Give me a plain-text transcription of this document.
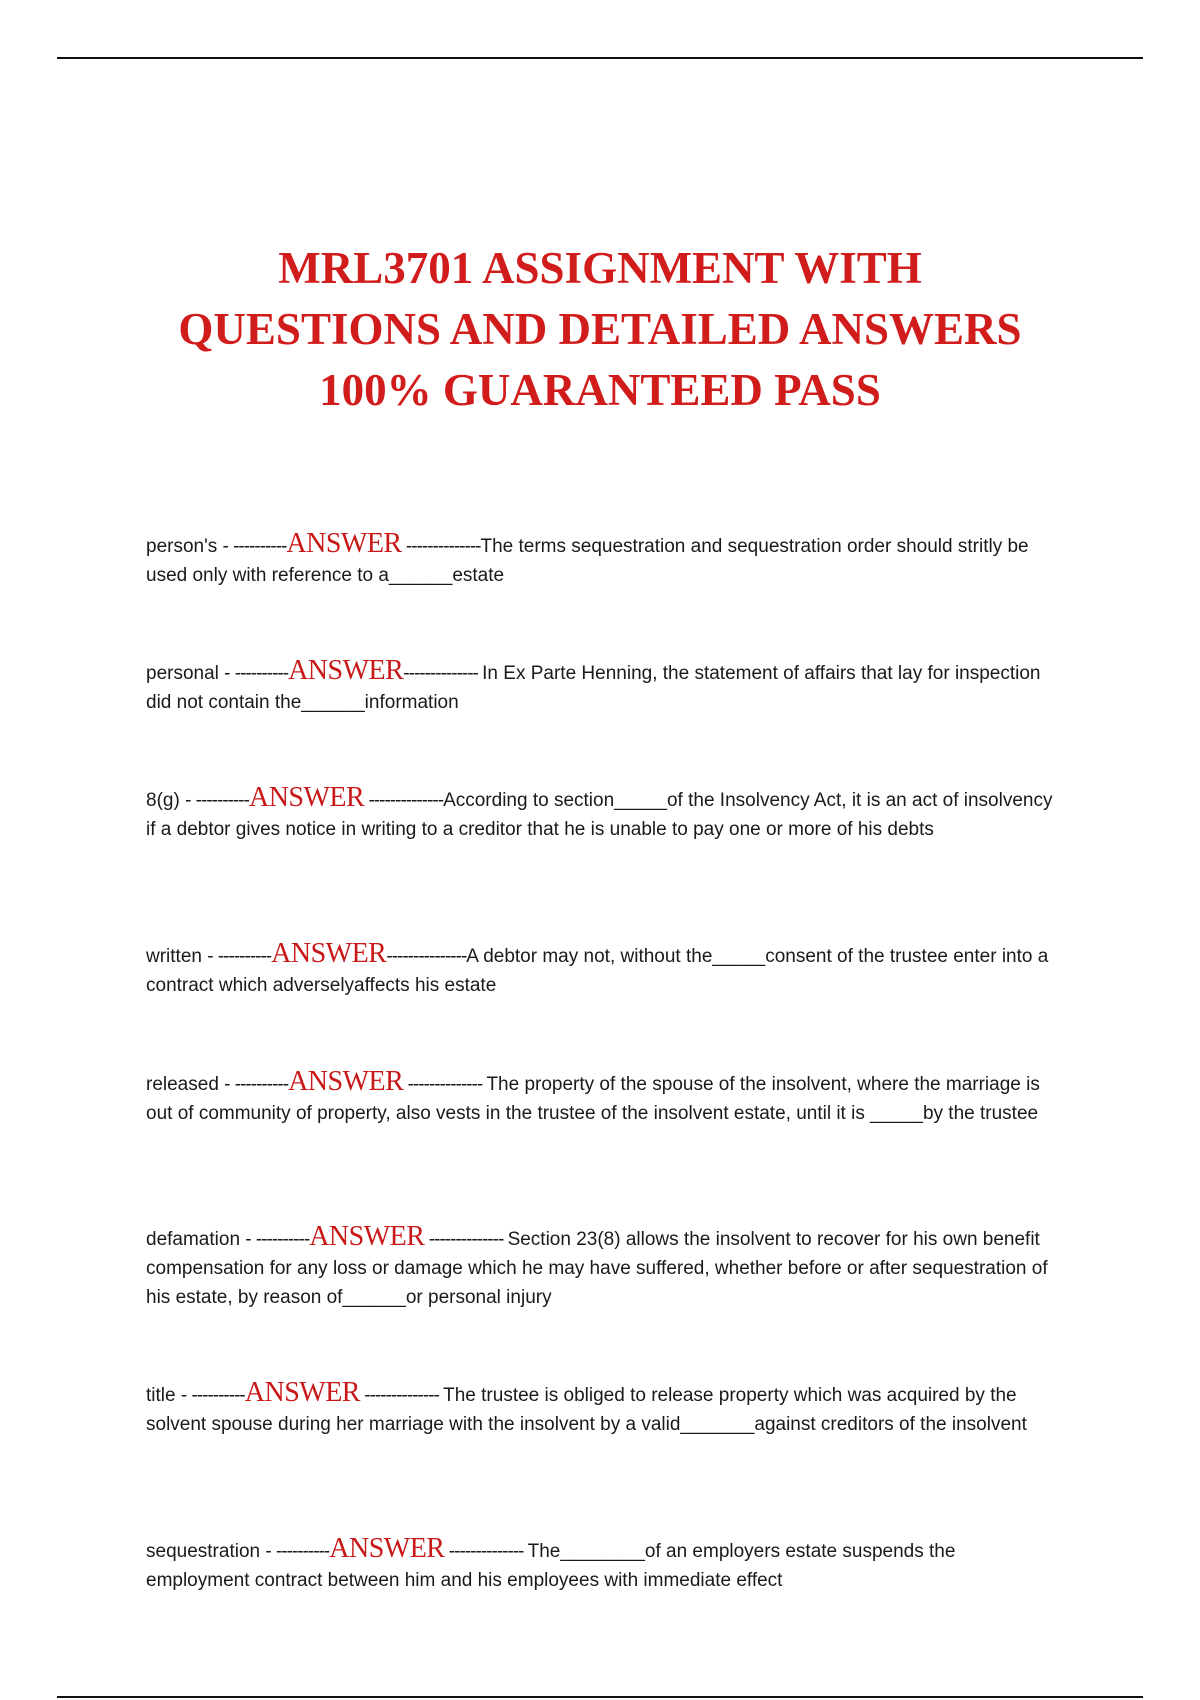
MRL3701 ASSIGNMENT WITH
QUESTIONS AND DETAILED ANSWERS
100% GUARANTEED PASS

person's - ----------ANSWER --------------The terms sequestration and sequestration order should stritly be used only with reference to a______estate

personal - ----------ANSWER-------------- In Ex Parte Henning, the statement of affairs that lay for inspection did not contain the______information

8(g) - ----------ANSWER --------------According to section_____of the Insolvency Act, it is an act of insolvency if a debtor gives notice in writing to a creditor that he is unable to pay one or more of his debts

written - ----------ANSWER---------------A debtor may not, without the_____consent of the trustee enter into a contract which adverselyaffects his estate

released - ----------ANSWER -------------- The property of the spouse of the insolvent, where the marriage is out of community of property, also vests in the trustee of the insolvent estate, until it is _____by the trustee

defamation - ----------ANSWER -------------- Section 23(8) allows the insolvent to recover for his own benefit compensation for any loss or damage which he may have suffered, whether before or after sequestration of his estate, by reason of______or personal injury

title - ----------ANSWER -------------- The trustee is obliged to release property which was acquired by the solvent spouse during her marriage with the insolvent by a valid_______against creditors of the insolvent

sequestration - ----------ANSWER -------------- The________of an employers estate suspends the employment contract between him and his employees with immediate effect
